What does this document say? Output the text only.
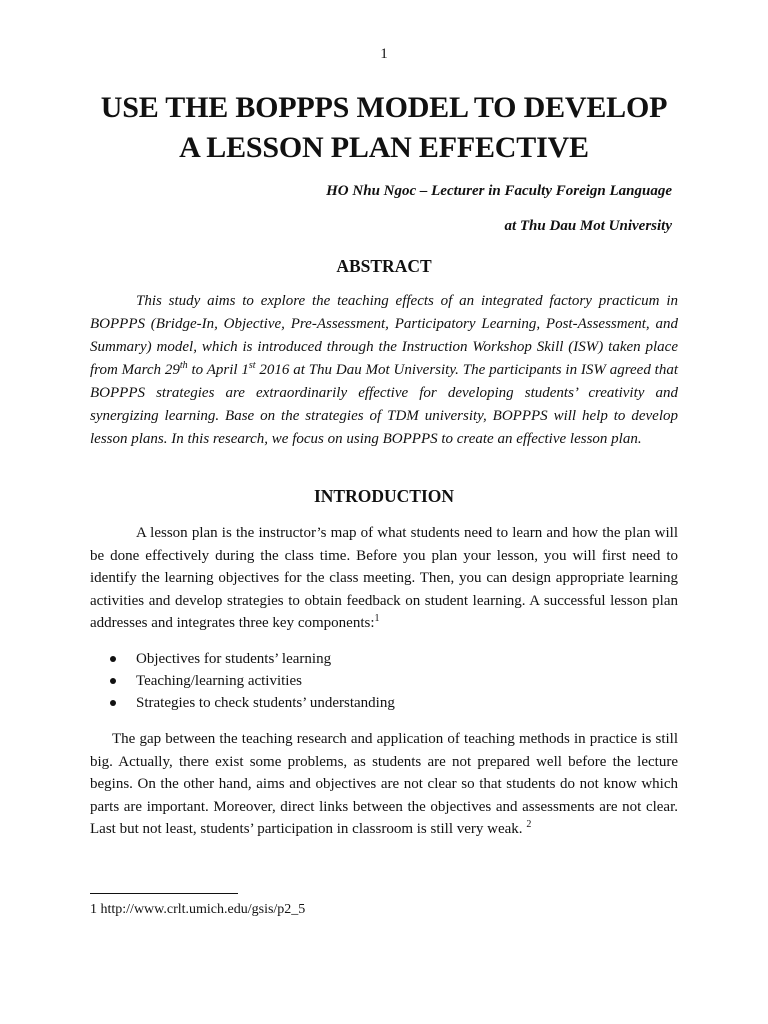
1
USE THE BOPPPS MODEL TO DEVELOP
A LESSON PLAN EFFECTIVE

HO Nhu Ngoc – Lecturer in Faculty Foreign Language

at Thu Dau Mot University

ABSTRACT

This study aims to explore the teaching effects of an integrated factory practicum in BOPPPS (Bridge-In, Objective, Pre-Assessment, Participatory Learning, Post-Assessment, and Summary) model, which is introduced through the Instruction Workshop Skill (ISW) taken place from March 29th to April 1st 2016 at Thu Dau Mot University. The participants in ISW agreed that BOPPPS strategies are extraordinarily effective for developing students’ creativity and synergizing learning. Base on the strategies of TDM university, BOPPPS will help to develop lesson plans. In this research, we focus on using BOPPPS to create an effective lesson plan.

INTRODUCTION

A lesson plan is the instructor’s map of what students need to learn and how the plan will be done effectively during the class time. Before you plan your lesson, you will first need to identify the learning objectives for the class meeting. Then, you can design appropriate learning activities and develop strategies to obtain feedback on student learning. A successful lesson plan addresses and integrates three key components:$^1$

Objectives for students’ learning
Teaching/learning activities
Strategies to check students’ understanding

The gap between the teaching research and application of teaching methods in practice is still big. Actually, there exist some problems, as students are not prepared well before the lecture begins. On the other hand, aims and objectives are not clear so that students do not know which parts are important. Moreover, direct links between the objectives and assessments are not clear. Last but not least, students’ participation in classroom is still very weak. $^2$

1 http://www.crlt.umich.edu/gsis/p2_5
